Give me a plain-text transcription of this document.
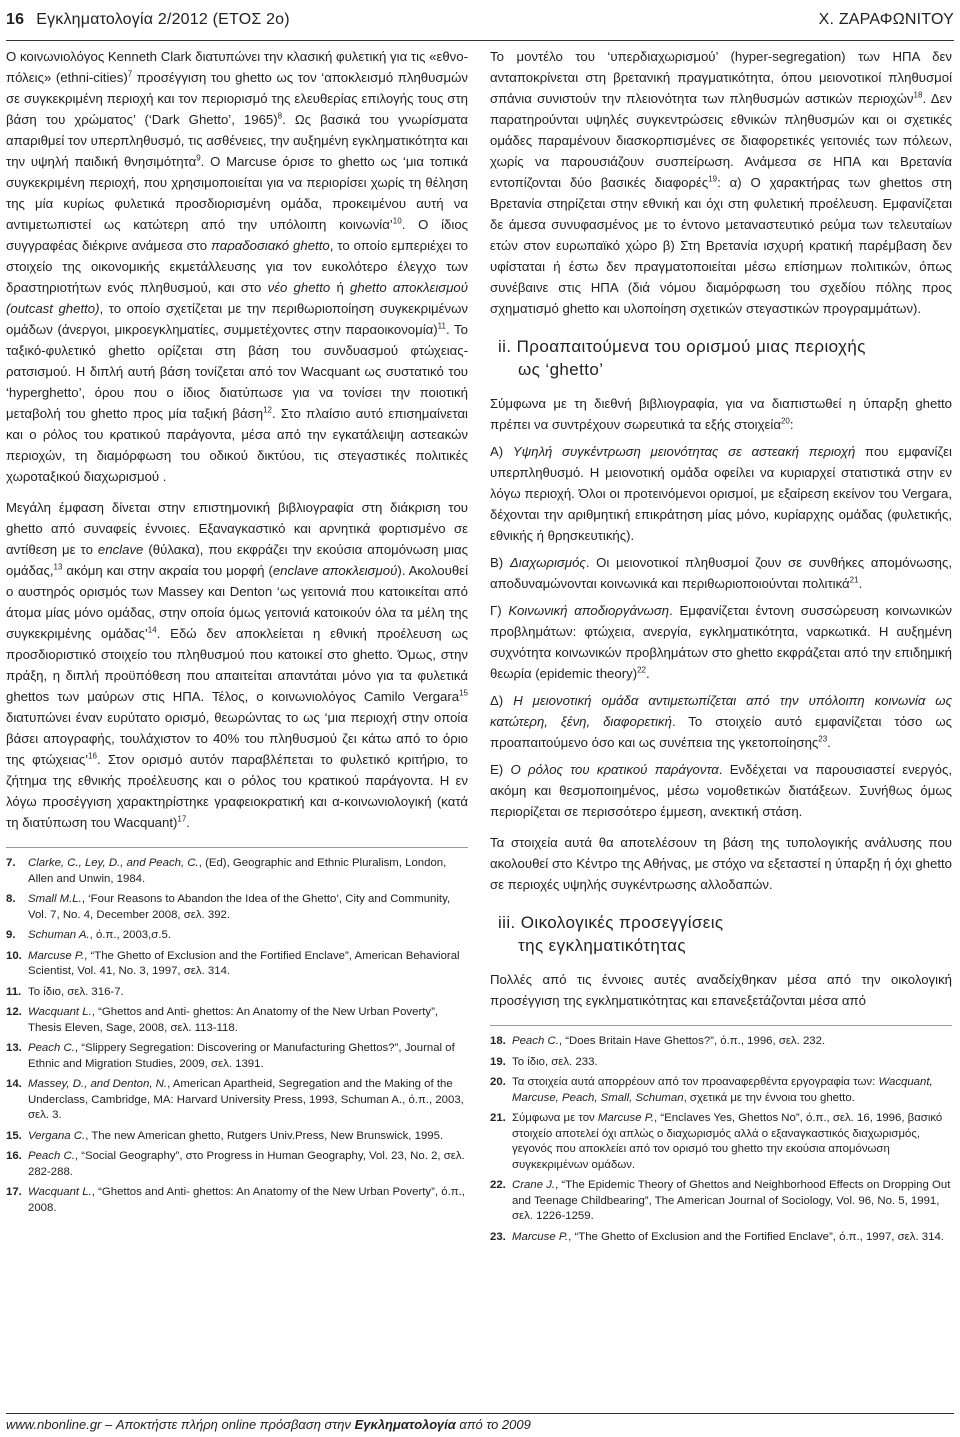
16 Εγκληματολογία 2/2012 (ΕΤΟΣ 2ο)	Χ. ΖΑΡΑΦΩΝΙΤΟΥ

Ο κοινωνιολόγος Kenneth Clark διατυπώνει την κλασική φυλετική για τις «εθνο-πόλεις» (ethni-cities)$^7$ προσέγγιση του ghetto ως τον ‘αποκλεισμό πληθυσμών σε συγκεκριμένη περιοχή και τον περιορισμό της ελευθερίας επιλογής τους στη βάση του χρώματος’ (‘Dark Ghetto’, 1965)$^8$. Ως βασικά του γνωρίσματα απαριθμεί τον υπερπληθυσμό, τις ασθένειες, την αυξημένη εγκληματικότητα και την υψηλή παιδική θνησιμότητα$^9$. Ο Marcuse όρισε το ghetto ως ‘μια τοπικά συγκεκριμένη περιοχή, που χρησιμοποιείται για να περιορίσει χωρίς τη θέληση της μία κυρίως φυλετικά προσδιορισμένη ομάδα, προκειμένου αυτή να αντιμετωπιστεί ως κατώτερη από την υπόλοιπη κοινωνία’$^{10}$. Ο ίδιος συγγραφέας διέκρινε ανάμεσα στο παραδοσιακό ghetto, το οποίο εμπεριέχει το στοιχείο της οικονομικής εκμετάλλευσης για τον ευκολότερο έλεγχο των δραστηριοτήτων ενός πληθυσμού, και στο νέο ghetto ή ghetto αποκλεισμού (outcast ghetto), το οποίο σχετίζεται με την περιθωριοποίηση συγκεκριμένων ομάδων (άνεργοι, μικροεγκληματίες, συμμετέχοντες στην παραοικονομία)$^{11}$. Το ταξικό-φυλετικό ghetto ορίζεται στη βάση του συνδυασμού φτώχειας-ρατσισμού. Η διπλή αυτή βάση τονίζεται από τον Wacquant ως συστατικό του ‘hyperghetto’, όρου που ο ίδιος διατύπωσε για να τονίσει την ποιοτική μεταβολή του ghetto προς μία ταξική βάση$^{12}$. Στο πλαίσιο αυτό επισημαίνεται και ο ρόλος του κρατικού παράγοντα, μέσα από την εγκατάλειψη αστεακών περιοχών, τη διαμόρφωση του οδικού δικτύου, τις στεγαστικές πολιτικές χωροταξικού διαχωρισμού .

Μεγάλη έμφαση δίνεται στην επιστημονική βιβλιογραφία στη διάκριση του ghetto από συναφείς έννοιες. Εξαναγκαστικό και αρνητικά φορτισμένο σε αντίθεση με το enclave (θύλακα), που εκφράζει την εκούσια απομόνωση μιας ομάδας,$^{13}$ ακόμη και στην ακραία του μορφή (enclave αποκλεισμού). Ακολουθεί ο αυστηρός ορισμός των Massey και Denton ‘ως γειτονιά που κατοικείται από άτομα μίας μόνο ομάδας, στην οποία όμως γειτονιά κατοικούν όλα τα μέλη της συγκεκριμένης ομάδας’$^{14}$. Εδώ δεν αποκλείεται η εθνική προέλευση ως προσδιοριστικό στοιχείο του πληθυσμού που κατοικεί στο ghetto. Όμως, στην πράξη, η διπλή προϋπόθεση που απαιτείται απαντάται μόνο για τα φυλετικά ghettos των μαύρων στις ΗΠΑ. Τέλος, ο κοινωνιολόγος Camilo Vergara$^{15}$ διατυπώνει έναν ευρύτατο ορισμό, θεωρώντας το ως ‘μια περιοχή στην οποία βάσει απογραφής, τουλάχιστον το 40% του πληθυσμού ζει κάτω από το όριο της φτώχειας’$^{16}$. Στον ορισμό αυτόν παραβλέπεται το φυλετικό κριτήριο, το ζήτημα της εθνικής προέλευσης και ο ρόλος του κρατικού παράγοντα. Η εν λόγω προσέγγιση χαρακτηρίστηκε γραφειοκρατική και α-κοινωνιολογική (κατά τη διατύπωση του Wacquant)$^{17}$.

7.	Clarke, C., Ley, D., and Peach, C., (Ed), Geographic and Ethnic Pluralism, London, Allen and Unwin, 1984.
8.	Small M.L., ‘Four Reasons to Abandon the Idea of the Ghetto’, City and Community, Vol. 7, No. 4, December 2008, σελ. 392.
9.	Schuman A., ό.π., 2003,σ.5.
10. Marcuse P., “The Ghetto of Exclusion and the Fortified Enclave”, American Behavioral Scientist, Vol. 41, No. 3, 1997, σελ. 314.
11. Το ίδιο, σελ. 316-7.
12. Wacquant L., “Ghettos and Anti- ghettos: An Anatomy of the New Urban Poverty”, Thesis Eleven, Sage, 2008, σελ. 113-118.
13. Peach C., “Slippery Segregation: Discovering or Manufacturing Ghettos?”, Journal of Ethnic and Migration Studies, 2009, σελ. 1391.
14. Massey, D., and Denton, N., American Apartheid, Segregation and the Making of the Underclass, Cambridge, MA: Harvard University Press, 1993, Schuman A., ό.π., 2003, σελ. 3.
15. Vergana C., The new American ghetto, Rutgers Univ.Press, New Brunswick, 1995.
16. Peach C., “Social Geography”, στο Progress in Human Geography, Vol. 23, No. 2, σελ. 282-288.
17. Wacquant L., “Ghettos and Anti- ghettos: An Anatomy of the New Urban Poverty”, ό.π., 2008.

Το μοντέλο του ‘υπερδιαχωρισμού’ (hyper-segregation) των ΗΠΑ δεν ανταποκρίνεται στη βρετανική πραγματικότητα, όπου μειονοτικοί πληθυσμοί σπάνια συνιστούν την πλειονότητα των πληθυσμών αστικών περιοχών$^{18}$. Δεν παρατηρούνται υψηλές συγκεντρώσεις εθνικών πληθυσμών και οι σχετικές ομάδες παραμένουν διασκορπισμένες σε διαφορετικές γειτονιές των πόλεων, χωρίς να παρουσιάζουν συσπείρωση. Ανάμεσα σε ΗΠΑ και Βρετανία εντοπίζονται δύο βασικές διαφορές$^{19}$: α) Ο χαρακτήρας των ghettos στη Βρετανία στηρίζεται στην εθνική και όχι στη φυλετική προέλευση. Εμφανίζεται δε άμεσα συνυφασμένος με το έντονο μεταναστευτικό ρεύμα των τελευταίων ετών στον ευρωπαϊκό χώρο β) Στη Βρετανία ισχυρή κρατική παρέμβαση δεν υφίσταται ή έστω δεν πραγματοποιείται μέσω επίσημων πολιτικών, όπως συνέβαινε στις ΗΠΑ (διά νόμου διαμόρφωση του σχεδίου πόλης προς σχηματισμό ghetto και υλοποίηση σχετικών στεγαστικών προγραμμάτων).

ii. Προαπαιτούμενα του ορισμού μιας περιοχής
ως ‘ghetto’

Σύμφωνα με τη διεθνή βιβλιογραφία, για να διαπιστωθεί η ύπαρξη ghetto πρέπει να συντρέχουν σωρευτικά τα εξής στοιχεία$^{20}$:

Α) Υψηλή συγκέντρωση μειονότητας σε αστεακή περιοχή που εμφανίζει υπερπληθυσμό. Η μειονοτική ομάδα οφείλει να κυριαρχεί στατιστικά στην εν λόγω περιοχή. Όλοι οι προτεινόμενοι ορισμοί, με εξαίρεση εκείνον του Vergara, δέχονται την αριθμητική επικράτηση μίας μόνο, κυρίαρχης ομάδας (φυλετικής, εθνικής ή θρησκευτικής).

Β) Διαχωρισμός. Οι μειονοτικοί πληθυσμοί ζουν σε συνθήκες απομόνωσης, αποδυναμώνονται κοινωνικά και περιθωριοποιούνται πολιτικά$^{21}$.

Γ) Κοινωνική αποδιοργάνωση. Εμφανίζεται έντονη συσσώρευση κοινωνικών προβλημάτων: φτώχεια, ανεργία, εγκληματικότητα, ναρκωτικά. Η αυξημένη συχνότητα κοινωνικών προβλημάτων στο ghetto εκφράζεται από την επιδημική θεωρία (epidemic theory)$^{22}$.

Δ) Η μειονοτική ομάδα αντιμετωπίζεται από την υπόλοιπη κοινωνία ως κατώτερη, ξένη, διαφορετική. Το στοιχείο αυτό εμφανίζεται τόσο ως προαπαιτούμενο όσο και ως συνέπεια της γκετοποίησης$^{23}$.

Ε) Ο ρόλος του κρατικού παράγοντα. Ενδέχεται να παρουσιαστεί ενεργός, ακόμη και θεσμοποιημένος, μέσω νομοθετικών διατάξεων. Συνήθως όμως περιορίζεται σε περισσότερο έμμεση, ανεκτική στάση.

Τα στοιχεία αυτά θα αποτελέσουν τη βάση της τυπολογικής ανάλυσης που ακολουθεί στο Κέντρο της Αθήνας, με στόχο να εξεταστεί η ύπαρξη ή όχι ghetto σε περιοχές υψηλής συγκέντρωσης αλλοδαπών.

iii. Οικολογικές προσεγγίσεις
της εγκληματικότητας

Πολλές από τις έννοιες αυτές αναδείχθηκαν μέσα από την οικολογική προσέγγιση της εγκληματικότητας και επανεξετάζονται μέσα από

18. Peach C., “Does Britain Have Ghettos?”, ό.π., 1996, σελ. 232.
19. Το ίδιο, σελ. 233.
20. Τα στοιχεία αυτά απορρέουν από τον προαναφερθέντα εργογραφία των: Wacquant, Marcuse, Peach, Small, Schuman, σχετικά με την έννοια του ghetto.
21. Σύμφωνα με τον Marcuse P., “Enclaves Yes, Ghettos No”, ό.π., σελ. 16, 1996, βασικό στοιχείο αποτελεί όχι απλώς ο διαχωρισμός αλλά ο εξαναγκαστικός διαχωρισμός, γεγονός που αποκλείει από τον ορισμό του ghetto την εκούσια απομόνωση συγκεκριμένων ομάδων.
22. Crane J., “The Epidemic Theory of Ghettos and Neighborhood Effects on Dropping Out and Teenage Childbearing”, The American Journal of Sociology, Vol. 96, No. 5, 1991, σελ. 1226-1259.
23. Marcuse P., “The Ghetto of Exclusion and the Fortified Enclave”, ό.π., 1997, σελ. 314.
www.nbonline.gr – Αποκτήστε πλήρη online πρόσβαση στην Εγκληματολογία από το 2009
